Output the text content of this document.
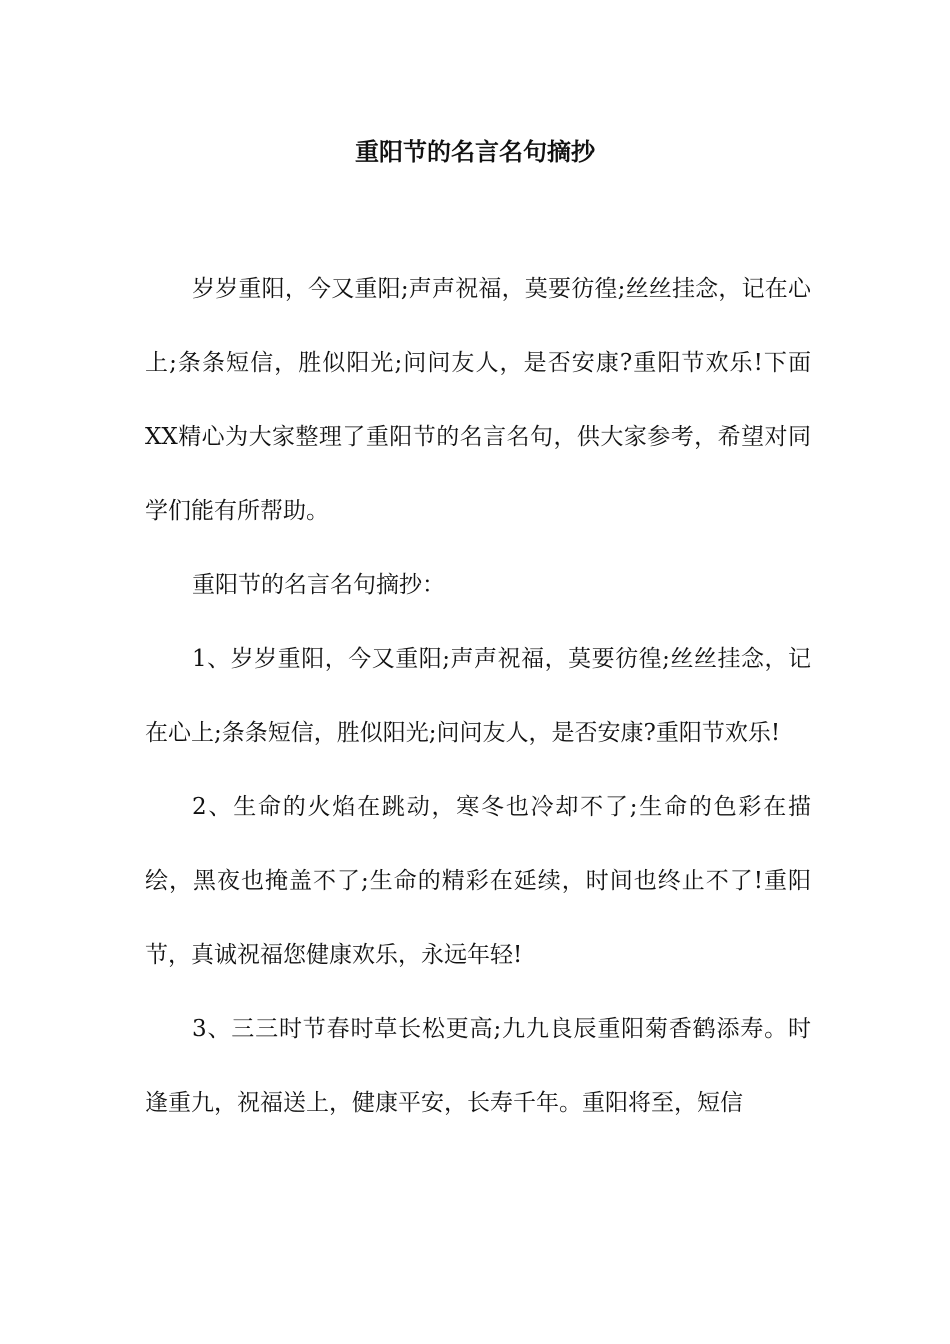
重阳节的名言名句摘抄

岁岁重阳，今又重阳;声声祝福，莫要彷徨;丝丝挂念，记在心上;条条短信，胜似阳光;问问友人，是否安康?重阳节欢乐!下面XX精心为大家整理了重阳节的名言名句，供大家参考，希望对同学们能有所帮助。

重阳节的名言名句摘抄：

1、岁岁重阳，今又重阳;声声祝福，莫要彷徨;丝丝挂念，记在心上;条条短信，胜似阳光;问问友人，是否安康?重阳节欢乐!

2、生命的火焰在跳动，寒冬也冷却不了;生命的色彩在描绘，黑夜也掩盖不了;生命的精彩在延续，时间也终止不了!重阳节，真诚祝福您健康欢乐，永远年轻!

3、三三时节春时草长松更高;九九良辰重阳菊香鹤添寿。时逢重九，祝福送上，健康平安，长寿千年。重阳将至，短信
